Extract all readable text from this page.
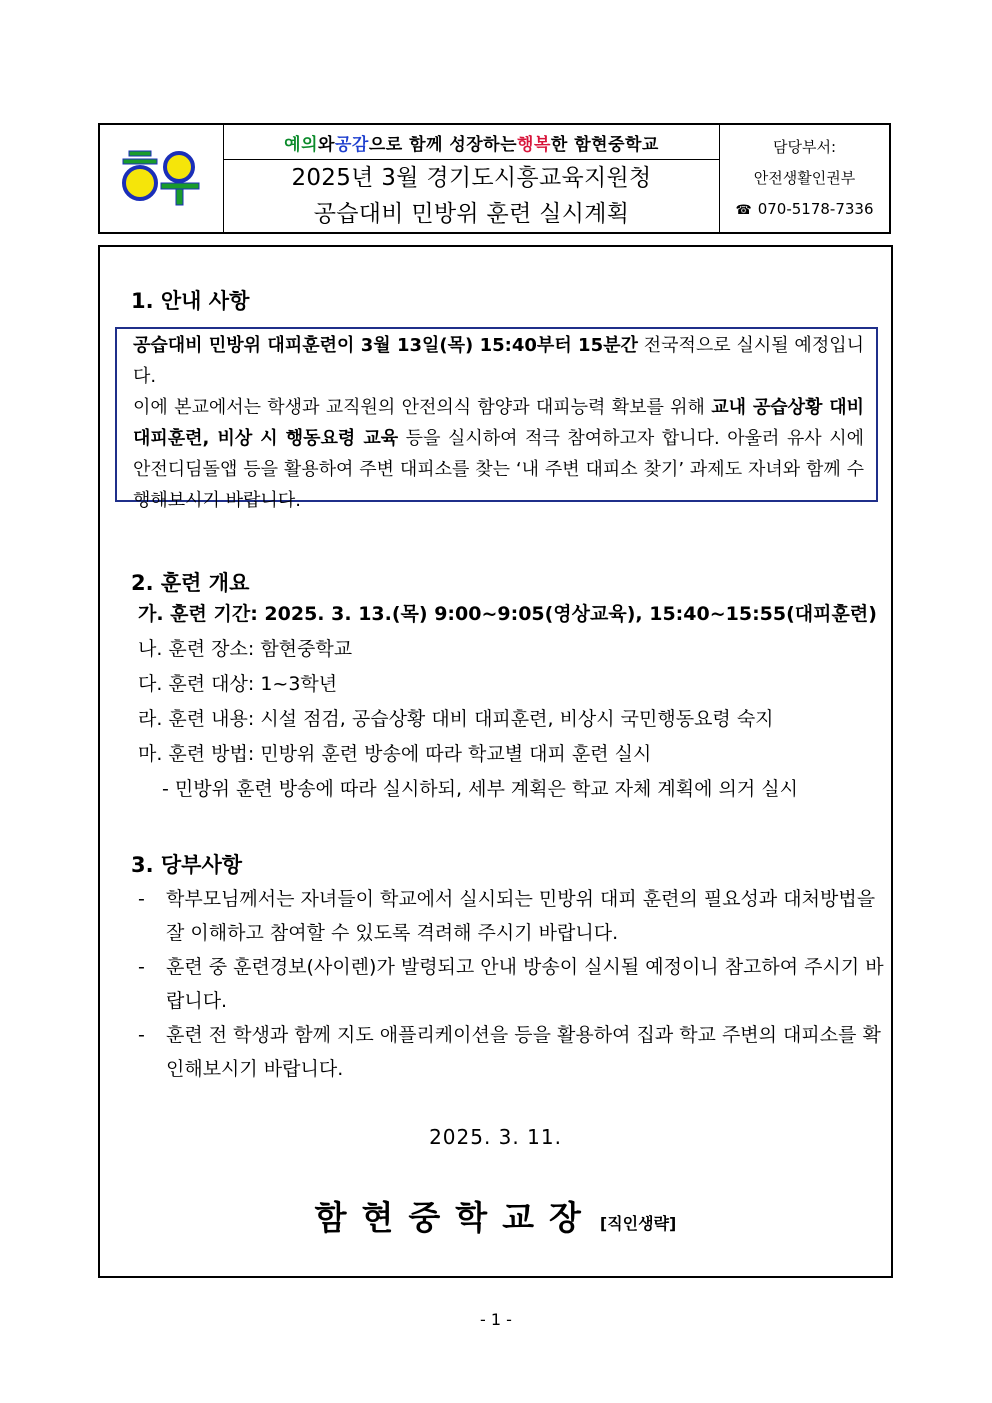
예의 와 공감 으로 함께 성장하는 행복 한 함현중학교
2025년 3월 경기도시흥교육지원청
공습대비 민방위 훈련 실시계획
담당부서:
안전생활인권부
☎ 070-5178-7336
1. 안내 사항

공습대비 민방위 대피훈련이 3월 13일(목) 15:40부터 15분간 전국적으로 실시될 예정입니다.

이에 본교에서는 학생과 교직원의 안전의식 함양과 대피능력 확보를 위해 교내 공습상황 대비 대피훈련, 비상 시 행동요령 교육 등을 실시하여 적극 참여하고자 합니다. 아울러 유사 시에 안전디딤돌앱 등을 활용하여 주변 대피소를 찾는 ‘내 주변 대피소 찾기’ 과제도 자녀와 함께 수행해보시기 바랍니다.

2. 훈련 개요
가. 훈련 기간: 2025. 3. 13.(목) 9:00~9:05(영상교육), 15:40~15:55(대피훈련)
나. 훈련 장소: 함현중학교
다. 훈련 대상: 1~3학년
라. 훈련 내용: 시설 점검, 공습상황 대비 대피훈련, 비상시 국민행동요령 숙지
마. 훈련 방법: 민방위 훈련 방송에 따라 학교별 대피 훈련 실시
- 민방위 훈련 방송에 따라 실시하되, 세부 계획은 학교 자체 계획에 의거 실시
3. 당부사항
-	학부모님께서는 자녀들이 학교에서 실시되는 민방위 대피 훈련의 필요성과 대처방법을 잘 이해하고 참여할 수 있도록 격려해 주시기 바랍니다.
-	훈련 중 훈련경보(사이렌)가 발령되고 안내 방송이 실시될 예정이니 참고하여 주시기 바랍니다.
-	훈련 전 학생과 함께 지도 애플리케이션을 등을 활용하여 집과 학교 주변의 대피소를 확인해보시기 바랍니다.
2025. 3. 11.
함현중학교장 [직인생략]
- 1 -
